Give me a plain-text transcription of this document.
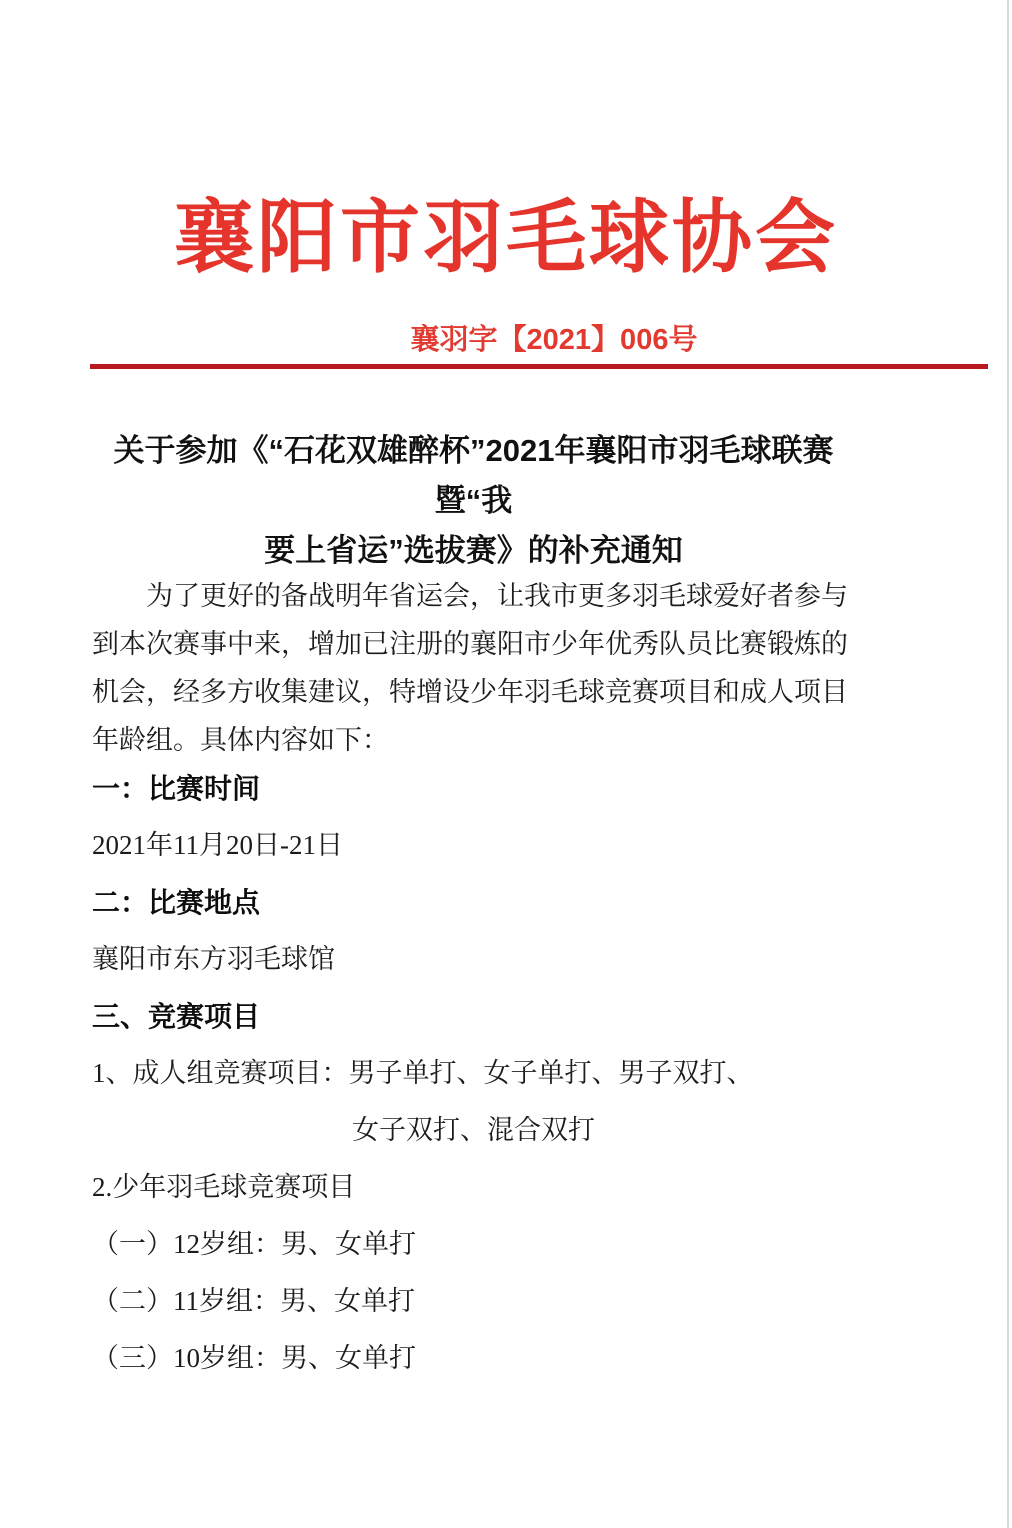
襄阳市羽毛球协会
襄羽字【2021】006号
关于参加《“石花双雄醉杯”2021年襄阳市羽毛球联赛暨“我
要上省运”选拔赛》的补充通知
为了更好的备战明年省运会，让我市更多羽毛球爱好者参与
到本次赛事中来，增加已注册的襄阳市少年优秀队员比赛锻炼的
机会，经多方收集建议，特增设少年羽毛球竞赛项目和成人项目
年龄组。具体内容如下：
一：比赛时间
2021年11月20日-21日
二：比赛地点
襄阳市东方羽毛球馆
三、竞赛项目
1、成人组竞赛项目：男子单打、女子单打、男子双打、
女子双打、混合双打
2.少年羽毛球竞赛项目
（一）12岁组：男、女单打
（二）11岁组：男、女单打
（三）10岁组：男、女单打
